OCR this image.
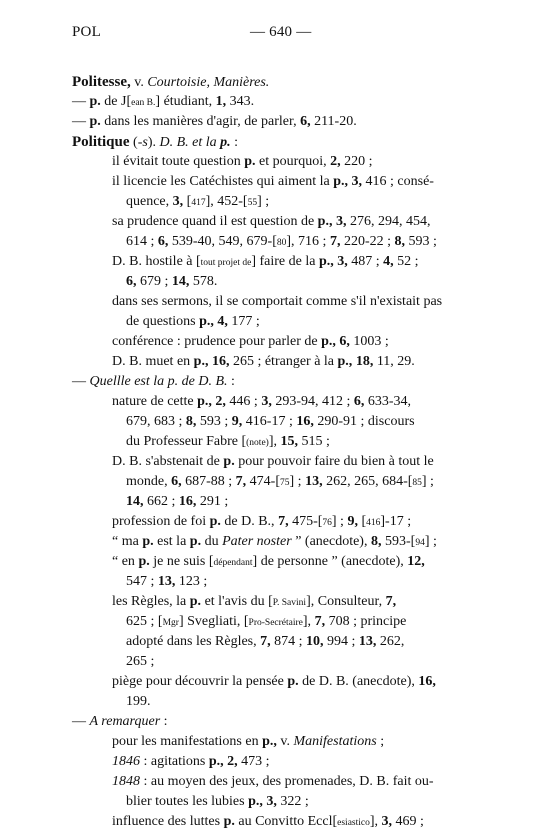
POL	— 640 —
Politesse, v. Courtoisie, Manières.
— p. de J[ean B.] étudiant, 1, 343.
— p. dans les manières d'agir, de parler, 6, 211-20.
Politique (-s). D. B. et la p. :
il évitait toute question p. et pourquoi, 2, 220 ;
il licencie les Catéchistes qui aiment la p., 3, 416 ; consé-
quence, 3, [417], 452-[55] ;
sa prudence quand il est question de p., 3, 276, 294, 454,
614 ; 6, 539-40, 549, 679-[80], 716 ; 7, 220-22 ; 8, 593 ;
D. B. hostile à [tout projet de] faire de la p., 3, 487 ; 4, 52 ;
6, 679 ; 14, 578.
dans ses sermons, il se comportait comme s'il n'existait pas
de questions p., 4, 177 ;
conférence : prudence pour parler de p., 6, 1003 ;
D. B. muet en p., 16, 265 ; étranger à la p., 18, 11, 29.
— Quellle est la p. de D. B. :
nature de cette p., 2, 446 ; 3, 293-94, 412 ; 6, 633-34,
679, 683 ; 8, 593 ; 9, 416-17 ; 16, 290-91 ; discours
du Professeur Fabre [(note)], 15, 515 ;
D. B. s'abstenait de p. pour pouvoir faire du bien à tout le
monde, 6, 687-88 ; 7, 474-[75] ; 13, 262, 265, 684-[85] ;
14, 662 ; 16, 291 ;
profession de foi p. de D. B., 7, 475-[76] ; 9, [416]-17 ;
“ ma p. est la p. du Pater noster ” (anecdote), 8, 593-[94] ;
“ en p. je ne suis [dépendant] de personne ” (anecdote), 12,
547 ; 13, 123 ;
les Règles, la p. et l'avis du [P. Savini], Consulteur, 7,
625 ; [Mgr] Svegliati, [Pro-Secrétaire], 7, 708 ; principe
adopté dans les Règles, 7, 874 ; 10, 994 ; 13, 262,
265 ;
piège pour découvrir la pensée p. de D. B. (anecdote), 16,
199.
— A remarquer :
pour les manifestations en p., v. Manifestations ;
1846 : agitations p., 2, 473 ;
1848 : au moyen des jeux, des promenades, D. B. fait ou-
blier toutes les lubies p., 3, 322 ;
influence des luttes p. au Convitto Eccl[esiastico], 3, 469 ;
